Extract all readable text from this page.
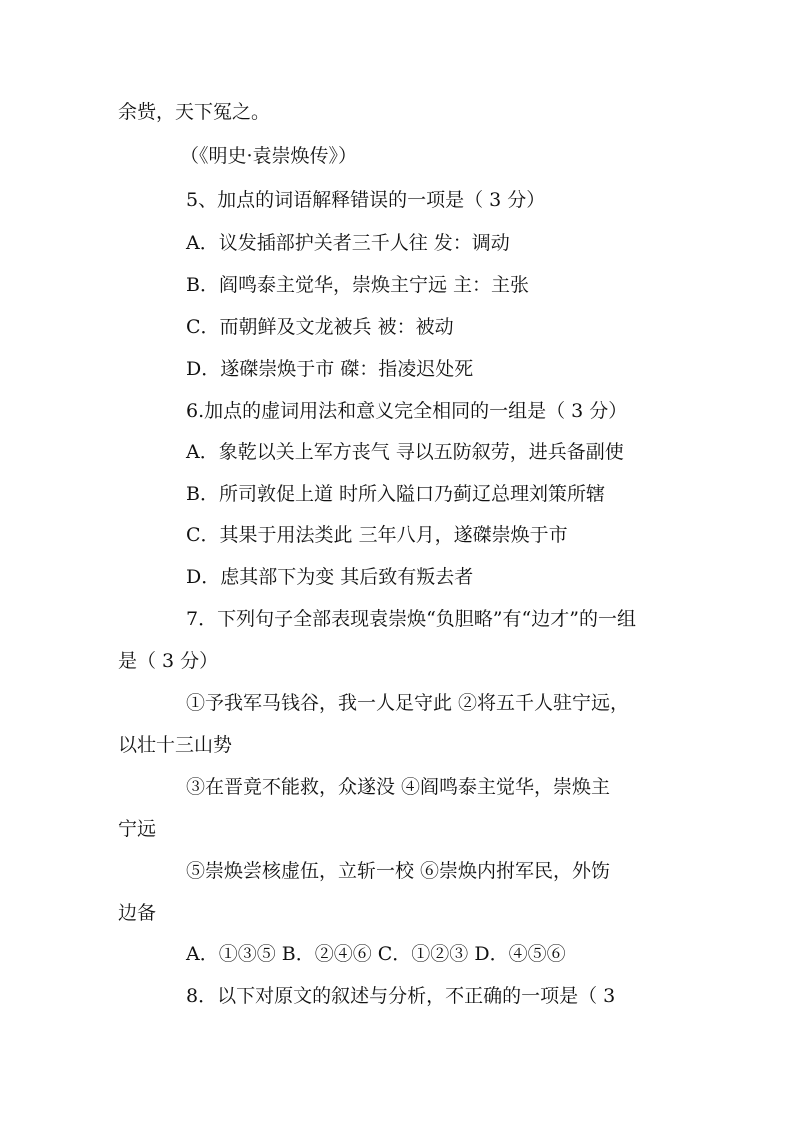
余赀，天下冤之。
（《明史·袁崇焕传》）
5、加点的词语解释错误的一项是（ 3 分）
A．议发插部护关者三千人往 发：调动
B．阎鸣泰主觉华，崇焕主宁远 主：主张
C．而朝鲜及文龙被兵 被：被动
D．遂磔崇焕于市 磔：指凌迟处死
6.加点的虚词用法和意义完全相同的一组是（ 3 分）
A．象乾以关上军方丧气 寻以五防叙劳，进兵备副使
B．所司敦促上道 时所入隘口乃蓟辽总理刘策所辖
C．其果于用法类此 三年八月，遂磔崇焕于市
D．虑其部下为变 其后致有叛去者
7．下列句子全部表现袁崇焕“负胆略”有“边才”的一组
是（ 3 分）
①予我军马钱谷，我一人足守此 ②将五千人驻宁远，
以壮十三山势
③在晋竟不能救，众遂没 ④阎鸣泰主觉华，崇焕主
宁远
⑤崇焕尝核虚伍，立斩一校 ⑥崇焕内拊军民，外饬
边备
A．①③⑤ B．②④⑥ C．①②③ D．④⑤⑥
8．以下对原文的叙述与分析，不正确的一项是（ 3
